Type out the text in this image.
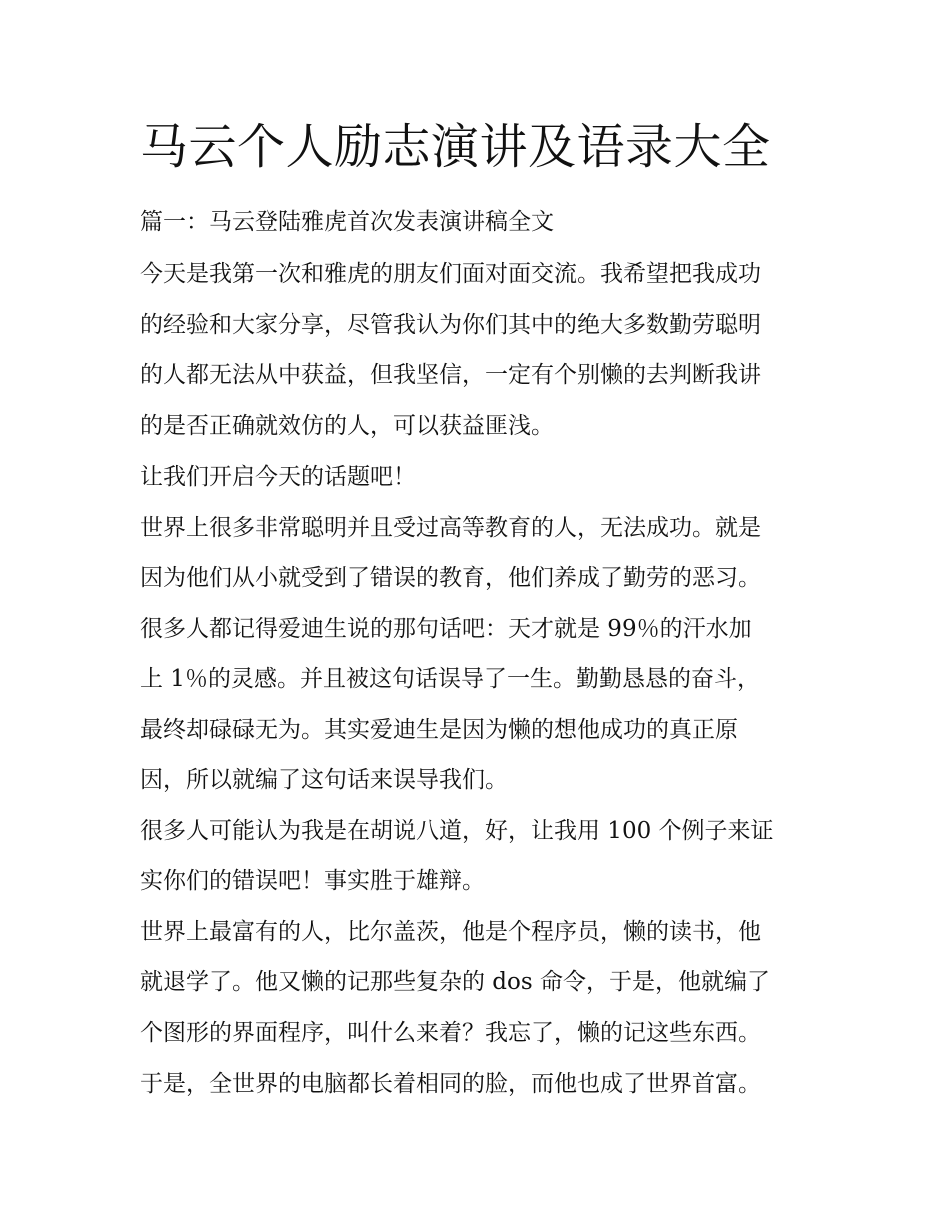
马云个人励志演讲及语录大全

篇一：马云登陆雅虎首次发表演讲稿全文

今天是我第一次和雅虎的朋友们面对面交流。我希望把我成功

的经验和大家分享，尽管我认为你们其中的绝大多数勤劳聪明

的人都无法从中获益，但我坚信，一定有个别懒的去判断我讲

的是否正确就效仿的人，可以获益匪浅。

让我们开启今天的话题吧！

世界上很多非常聪明并且受过高等教育的人，无法成功。就是

因为他们从小就受到了错误的教育，他们养成了勤劳的恶习。

很多人都记得爱迪生说的那句话吧：天才就是 99％的汗水加

上 1％的灵感。并且被这句话误导了一生。勤勤恳恳的奋斗，

最终却碌碌无为。其实爱迪生是因为懒的想他成功的真正原

因，所以就编了这句话来误导我们。

很多人可能认为我是在胡说八道，好，让我用 100 个例子来证

实你们的错误吧！事实胜于雄辩。

世界上最富有的人，比尔盖茨，他是个程序员，懒的读书，他

就退学了。他又懒的记那些复杂的 dos 命令，于是，他就编了

个图形的界面程序，叫什么来着？我忘了，懒的记这些东西。

于是，全世界的电脑都长着相同的脸，而他也成了世界首富。
